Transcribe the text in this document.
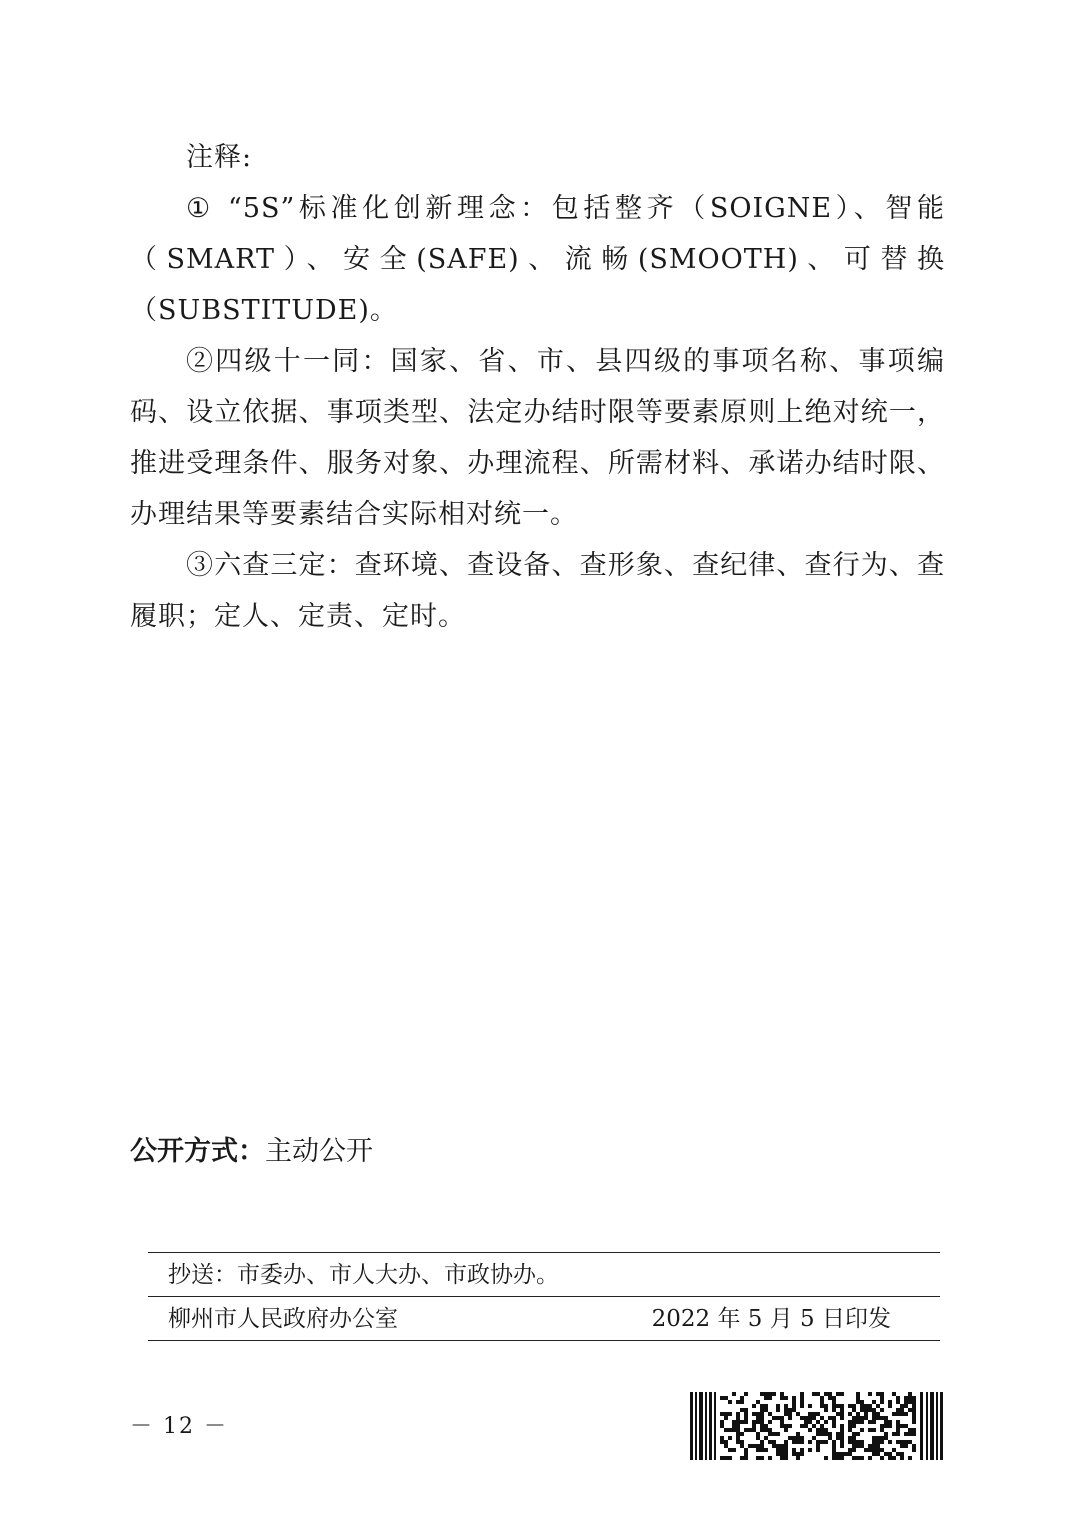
注释:

① “5S”标准化创新理念：包括整齐（SOIGNE）、智能（SMART）、安全(SAFE)、流畅(SMOOTH)、可替换（SUBSTITUDE)。

②四级十一同：国家、省、市、县四级的事项名称、事项编码、设立依据、事项类型、法定办结时限等要素原则上绝对统一，推进受理条件、服务对象、办理流程、所需材料、承诺办结时限、办理结果等要素结合实际相对统一。

③六查三定：查环境、查设备、查形象、查纪律、查行为、查履职；定人、定责、定时。

公开方式：主动公开
抄送：市委办、市人大办、市政协办。
柳州市人民政府办公室	2022 年 5 月 5 日印发
－ 12 －
